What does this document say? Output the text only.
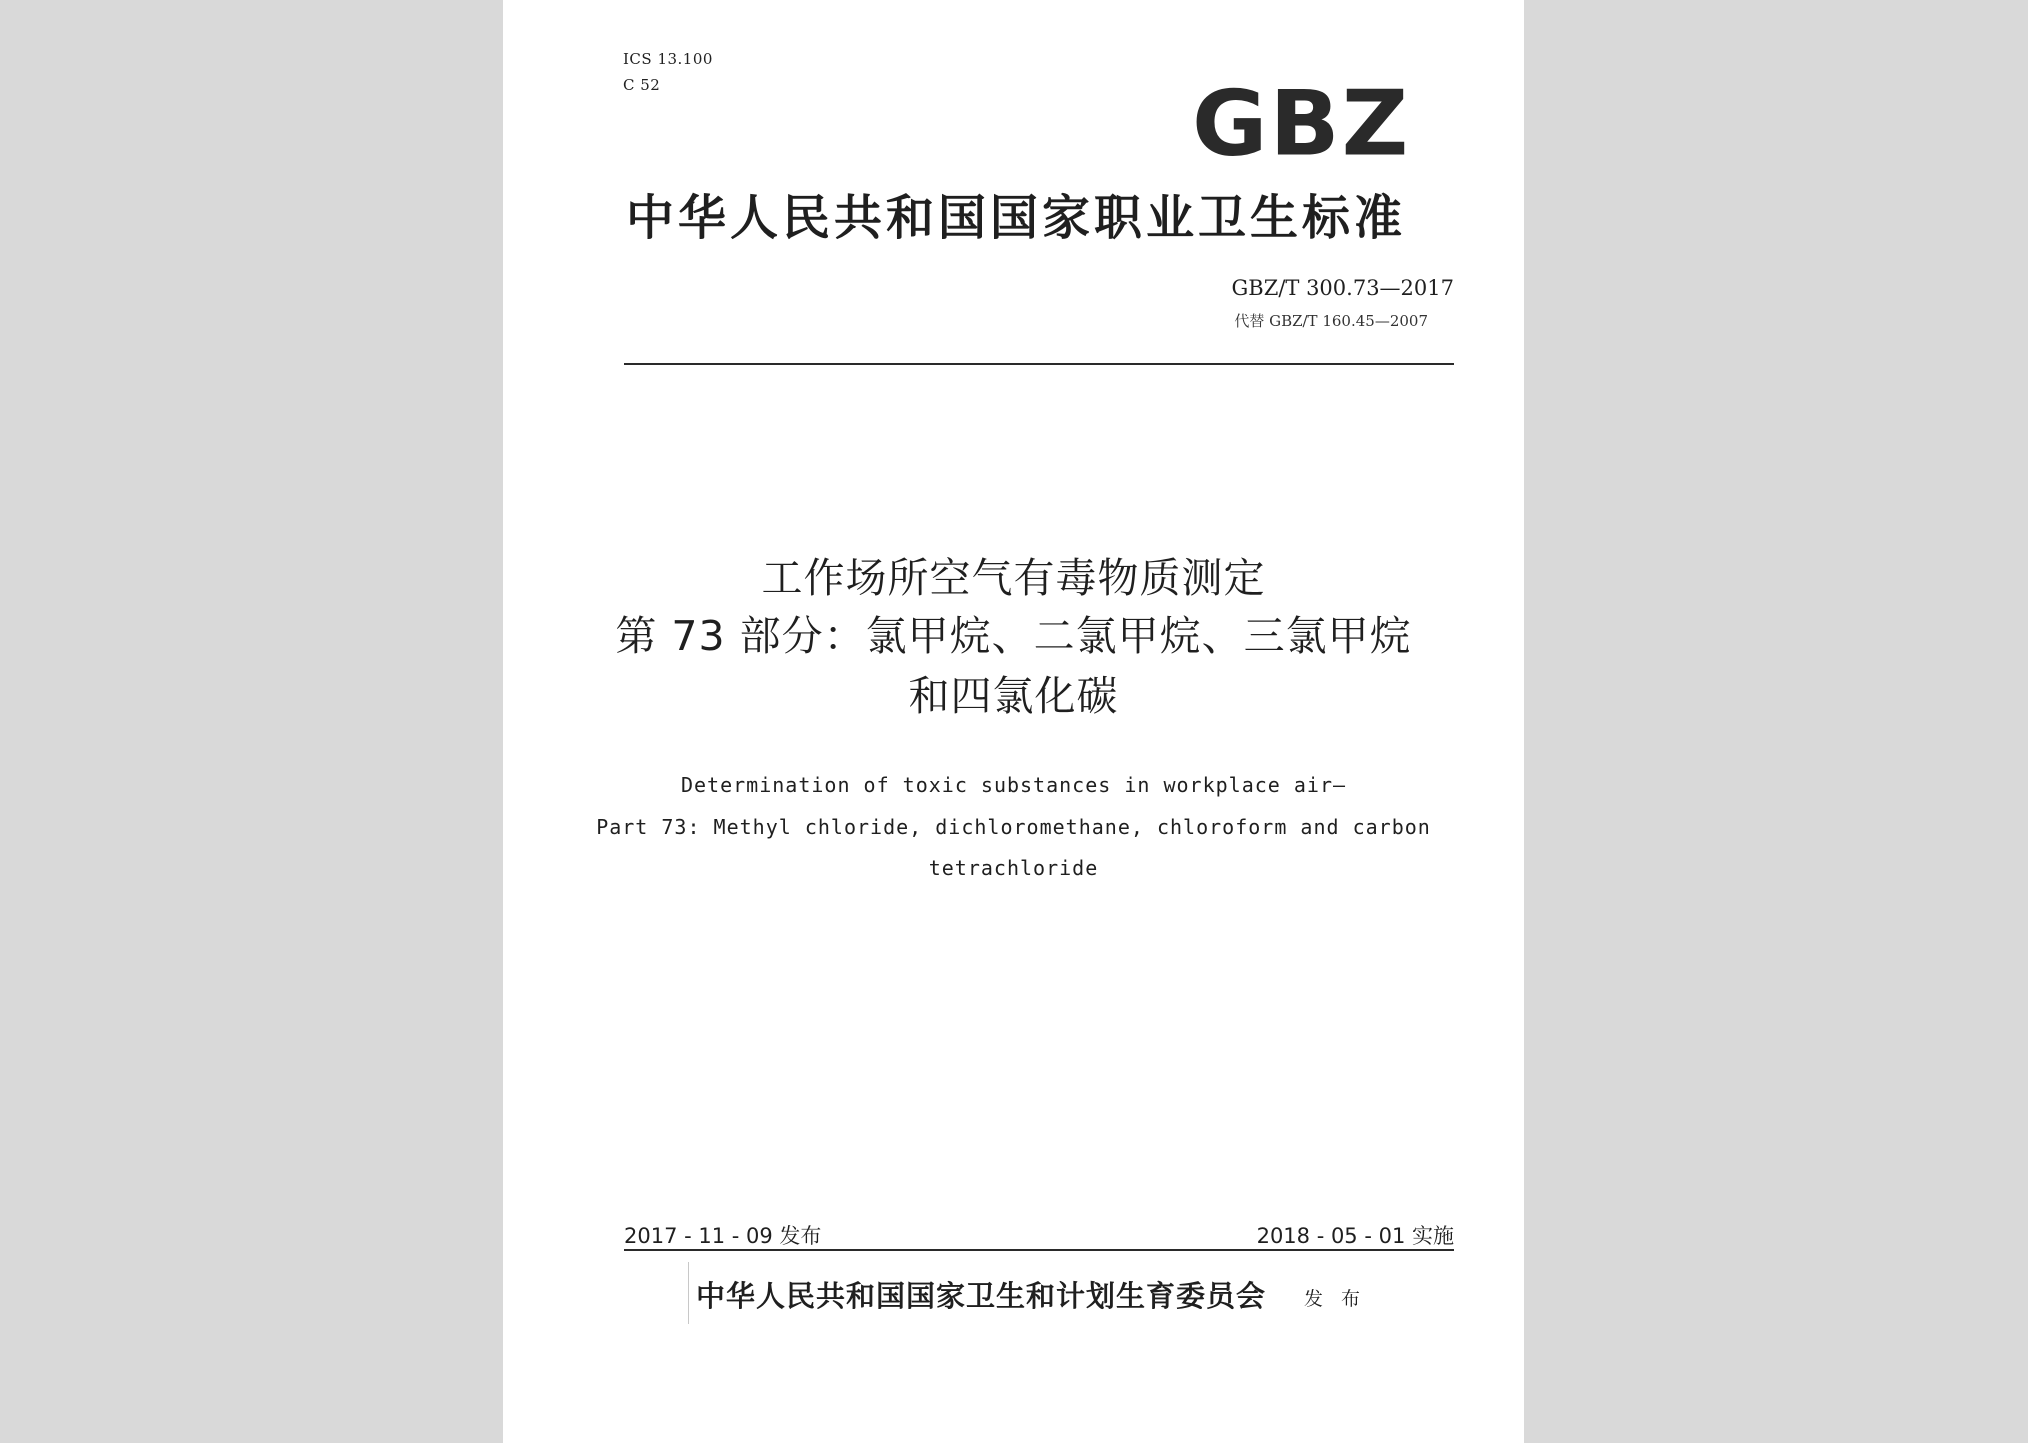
ICS 13.100
C 52	GBZ
中华人民共和国国家职业卫生标准
GBZ/T 300.73—2017
代替 GBZ/T 160.45—2007
工作场所空气有毒物质测定
第 73 部分：氯甲烷、二氯甲烷、三氯甲烷
和四氯化碳
Determination of toxic substances in workplace air—
Part 73: Methyl chloride, dichloromethane, chloroform and carbon
tetrachloride
2017 - 11 - 09 发布	2018 - 05 - 01 实施
中华人民共和国国家卫生和计划生育委员会 发 布
